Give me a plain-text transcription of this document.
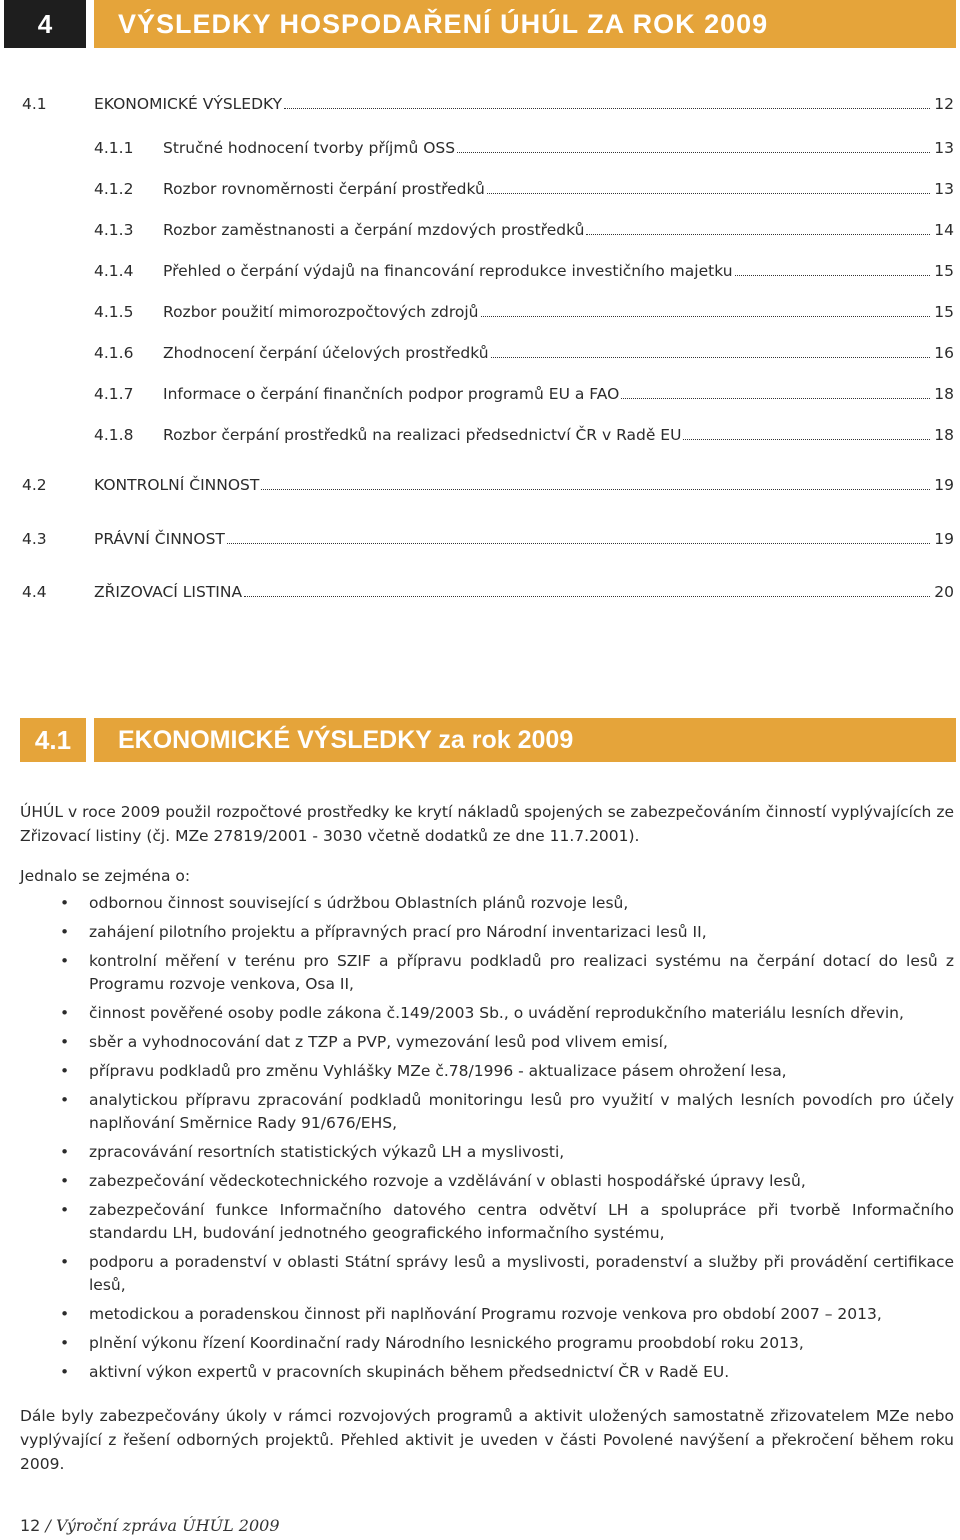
4	VÝSLEDKY HOSPODAŘENÍ ÚHÚL ZA ROK 2009
4.1	EKONOMICKÉ VÝSLEDKY	12
4.1.1 Stručné hodnocení tvorby příjmů OSS	13
4.1.2 Rozbor rovnoměrnosti čerpání prostředků	13
4.1.3 Rozbor zaměstnanosti a čerpání mzdových prostředků	14
4.1.4 Přehled o čerpání výdajů na financování reprodukce investičního majetku	15
4.1.5 Rozbor použití mimorozpočtových zdrojů	15
4.1.6 Zhodnocení čerpání účelových prostředků	16
4.1.7 Informace o čerpání finančních podpor programů EU a FAO	18
4.1.8 Rozbor čerpání prostředků na realizaci předsednictví ČR v Radě EU	18
4.2	KONTROLNÍ ČINNOST	19
4.3	PRÁVNÍ ČINNOST	19
4.4	ZŘIZOVACÍ LISTINA	20
4.1	EKONOMICKÉ VÝSLEDKY za rok 2009

ÚHÚL v roce 2009 použil rozpočtové prostředky ke krytí nákladů spojených se zabezpečováním činností vyplývajících ze Zřizovací listiny (čj. MZe 27819/2001 - 3030 včetně dodatků ze dne 11.7.2001).

Jednalo se zejména o:

• odbornou činnost související s údržbou Oblastních plánů rozvoje lesů,
• zahájení pilotního projektu a přípravných prací pro Národní inventarizaci lesů II,
• kontrolní měření v terénu pro SZIF a přípravu podkladů pro realizaci systému na čerpání dotací do lesů z Programu rozvoje venkova, Osa II,
• činnost pověřené osoby podle zákona č.149/2003 Sb., o uvádění reprodukčního materiálu lesních dřevin,
• sběr a vyhodnocování dat z TZP a PVP, vymezování lesů pod vlivem emisí,
• přípravu podkladů pro změnu Vyhlášky MZe č.78/1996 - aktualizace pásem ohrožení lesa,
• analytickou přípravu zpracování podkladů monitoringu lesů pro využití v malých lesních povodích pro účely naplňování Směrnice Rady 91/676/EHS,
• zpracovávání resortních statistických výkazů LH a myslivosti,
• zabezpečování vědeckotechnického rozvoje a vzdělávání v oblasti hospodářské úpravy lesů,
• zabezpečování funkce Informačního datového centra odvětví LH a spolupráce při tvorbě Informačního standardu LH, budování jednotného geografického informačního systému,
• podporu a poradenství v oblasti Státní správy lesů a myslivosti, poradenství a služby při provádění certifikace lesů,
• metodickou a poradenskou činnost při naplňování Programu rozvoje venkova pro období 2007 – 2013,
• plnění výkonu řízení Koordinační rady Národního lesnického programu proobdobí roku 2013,
• aktivní výkon expertů v pracovních skupinách během předsednictví ČR v Radě EU.

Dále byly zabezpečovány úkoly v rámci rozvojových programů a aktivit uložených samostatně zřizovatelem MZe nebo vyplývající z řešení odborných projektů. Přehled aktivit je uveden v části Povolené navýšení a překročení během roku 2009.

12 / Výroční zpráva ÚHÚL 2009
